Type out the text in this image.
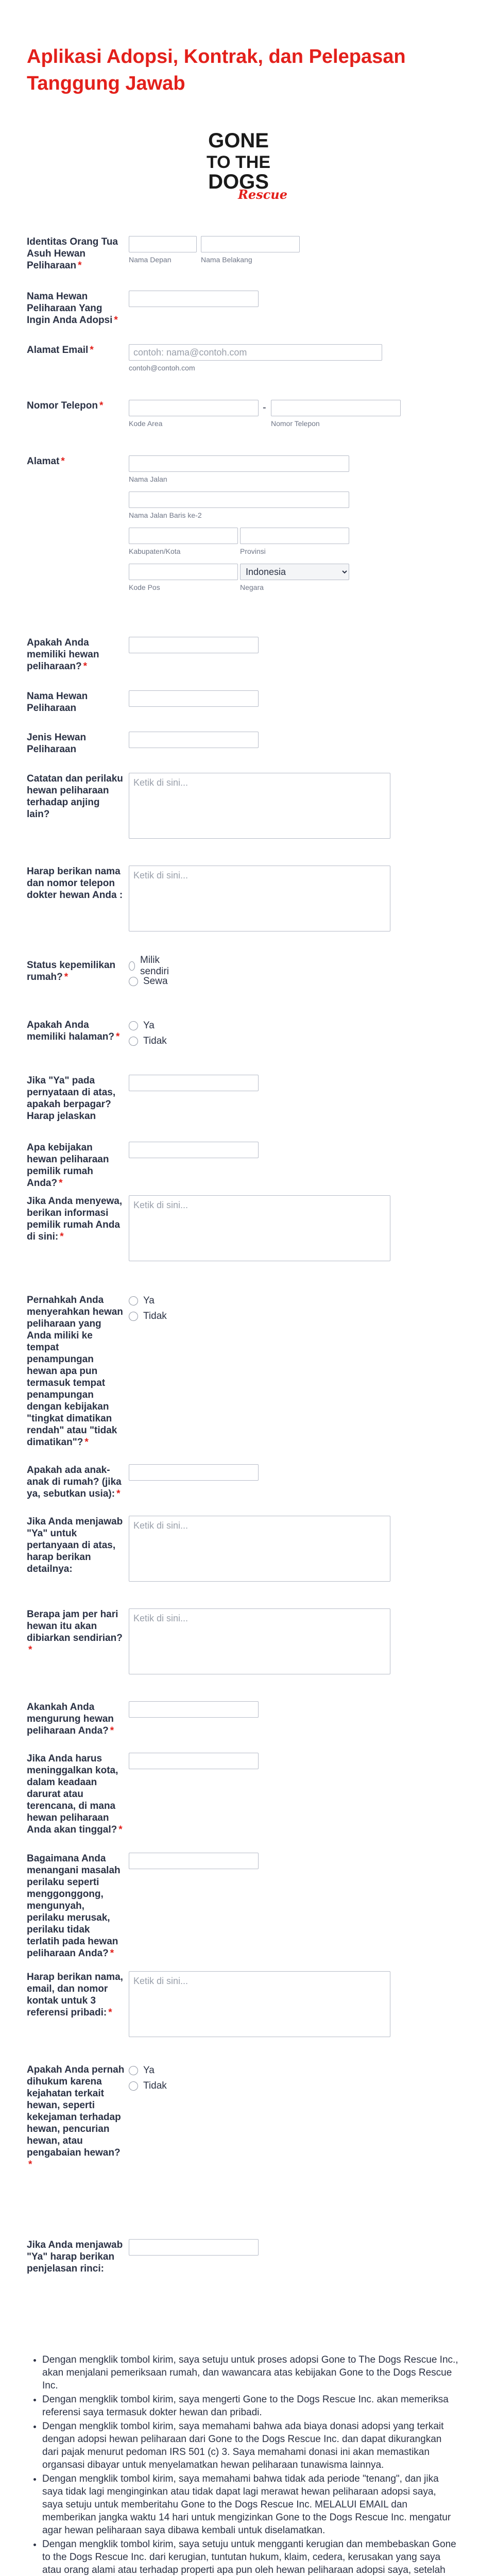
Aplikasi Adopsi, Kontrak, dan Pelepasan Tanggung Jawab
GONE
TO THE
DOGS
Rescue
Identitas Orang Tua Asuh Hewan Peliharaan *
Nama Depan	Nama Belakang
Nama Hewan Peliharaan Yang Ingin Anda Adopsi *
Alamat Email *
contoh: nama@contoh.com
contoh@contoh.com
Nomor Telepon *
Kode Area
-
Nomor Telepon
Alamat *
Nama Jalan
Nama Jalan Baris ke-2
Kabupaten/Kota	Provinsi
Kode Pos
Indonesia	Negara
Apakah Anda memiliki hewan peliharaan? *
Nama Hewan Peliharaan
Jenis Hewan Peliharaan
Catatan dan perilaku hewan peliharaan terhadap anjing lain?
Ketik di sini...
Harap berikan nama dan nomor telepon dokter hewan Anda :
Ketik di sini...
Status kepemilikan rumah? *
Milik sendiri
Sewa
Apakah Anda memiliki halaman? *
Ya
Tidak
Jika "Ya" pada pernyataan di atas, apakah berpagar? Harap jelaskan
Apa kebijakan hewan peliharaan pemilik rumah Anda? *
Jika Anda menyewa, berikan informasi pemilik rumah Anda di sini: *
Ketik di sini...
Pernahkah Anda menyerahkan hewan peliharaan yang Anda miliki ke tempat penampungan hewan apa pun termasuk tempat penampungan dengan kebijakan "tingkat dimatikan rendah" atau "tidak dimatikan"? *
Ya
Tidak
Apakah ada anak-anak di rumah? (jika ya, sebutkan usia): *
Jika Anda menjawab "Ya" untuk pertanyaan di atas, harap berikan detailnya:
Ketik di sini...
Berapa jam per hari hewan itu akan dibiarkan sendirian?*
Ketik di sini...
Akankah Anda mengurung hewan peliharaan Anda? *
Jika Anda harus meninggalkan kota, dalam keadaan darurat atau terencana, di mana hewan peliharaan Anda akan tinggal? *
Bagaimana Anda menangani masalah perilaku seperti menggonggong, mengunyah, perilaku merusak, perilaku tidak terlatih pada hewan peliharaan Anda? *
Harap berikan nama, email, dan nomor kontak untuk 3 referensi pribadi: *
Ketik di sini...
Apakah Anda pernah dihukum karena kejahatan terkait hewan, seperti kekejaman terhadap hewan, pencurian hewan, atau pengabaian hewan?*
Ya
Tidak
Jika Anda menjawab "Ya" harap berikan penjelasan rinci:
• Dengan mengklik tombol kirim, saya setuju untuk proses adopsi Gone to The Dogs Rescue Inc., akan menjalani pemeriksaan rumah, dan wawancara atas kebijakan Gone to the Dogs Rescue Inc.
• Dengan mengklik tombol kirim, saya mengerti Gone to the Dogs Rescue Inc. akan memeriksa referensi saya termasuk dokter hewan dan pribadi.
• Dengan mengklik tombol kirim, saya memahami bahwa ada biaya donasi adopsi yang terkait dengan adopsi hewan peliharaan dari Gone to the Dogs Rescue Inc. dan dapat dikurangkan dari pajak menurut pedoman IRS 501 (c) 3. Saya memahami donasi ini akan memastikan organsasi dibayar untuk menyelamatkan hewan peliharaan tunawisma lainnya.
• Dengan mengklik tombol kirim, saya memahami bahwa tidak ada periode "tenang", dan jika saya tidak lagi menginginkan atau tidak dapat lagi merawat hewan peliharaan adopsi saya, saya setuju untuk memberitahu Gone to the Dogs Rescue Inc. MELALUI EMAIL dan memberikan jangka waktu 14 hari untuk mengizinkan Gone to the Dogs Rescue Inc. mengatur agar hewan peliharaan saya dibawa kembali untuk diselamatkan.
• Dengan mengklik tombol kirim, saya setuju untuk mengganti kerugian dan membebaskan Gone to the Dogs Rescue Inc. dari kerugian, tuntutan hukum, klaim, cedera, kerusakan yang saya atau orang alami atau terhadap properti apa pun oleh hewan peliharaan adopsi saya, setelah
